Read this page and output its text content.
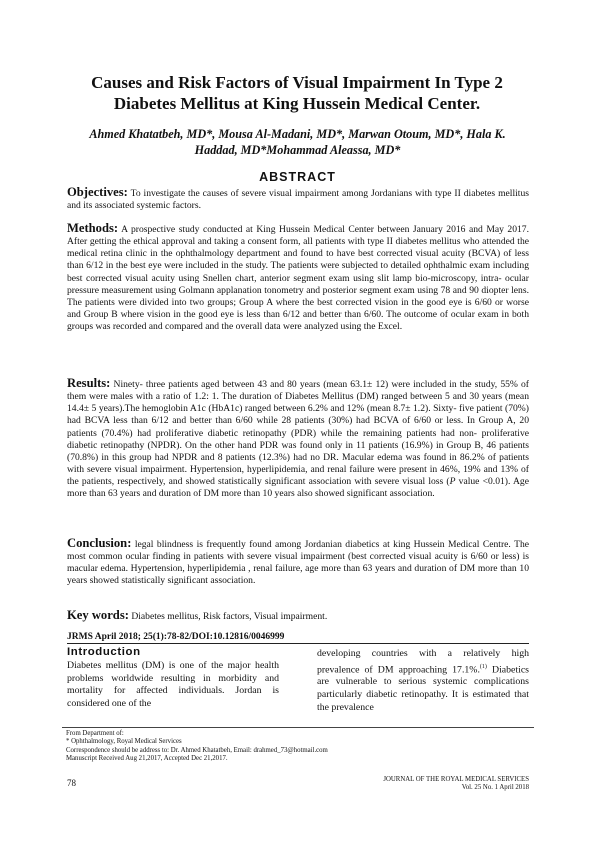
Causes and Risk Factors of Visual Impairment In Type 2
Diabetes Mellitus at King Hussein Medical Center.
Ahmed Khatatbeh, MD*, Mousa Al-Madani, MD*, Marwan Otoum, MD*, Hala K.
Haddad, MD*Mohammad Aleassa, MD*
ABSTRACT
Objectives: To investigate the causes of severe visual impairment among Jordanians with type II diabetes mellitus and its associated systemic factors.
Methods: A prospective study conducted at King Hussein Medical Center between January 2016 and May 2017. After getting the ethical approval and taking a consent form, all patients with type II diabetes mellitus who attended the medical retina clinic in the ophthalmology department and found to have best corrected visual acuity (BCVA) of less than 6/12 in the best eye were included in the study. The patients were subjected to detailed ophthalmic exam including best corrected visual acuity using Snellen chart, anterior segment exam using slit lamp bio-microscopy, intra- ocular pressure measurement using Golmann applanation tonometry and posterior segment exam using 78 and 90 diopter lens. The patients were divided into two groups; Group A where the best corrected vision in the good eye is 6/60 or worse and Group B where vision in the good eye is less than 6/12 and better than 6/60. The outcome of ocular exam in both groups was recorded and compared and the overall data were analyzed using the Excel.
Results: Ninety- three patients aged between 43 and 80 years (mean 63.1± 12) were included in the study, 55% of them were males with a ratio of 1.2: 1. The duration of Diabetes Mellitus (DM) ranged between 5 and 30 years (mean 14.4± 5 years).The hemoglobin A1c (HbA1c) ranged between 6.2% and 12% (mean 8.7± 1.2). Sixty- five patient (70%) had BCVA less than 6/12 and better than 6/60 while 28 patients (30%) had BCVA of 6/60 or less. In Group A, 20 patients (70.4%) had proliferative diabetic retinopathy (PDR) while the remaining patients had non- proliferative diabetic retinopathy (NPDR). On the other hand PDR was found only in 11 patients (16.9%) in Group B, 46 patients (70.8%) in this group had NPDR and 8 patients (12.3%) had no DR. Macular edema was found in 86.2% of patients with severe visual impairment. Hypertension, hyperlipidemia, and renal failure were present in 46%, 19% and 13% of the patients, respectively, and showed statistically significant association with severe visual loss (P value <0.01). Age more than 63 years and duration of DM more than 10 years also showed significant association.
Conclusion: legal blindness is frequently found among Jordanian diabetics at king Hussein Medical Centre. The most common ocular finding in patients with severe visual impairment (best corrected visual acuity is 6/60 or less) is macular edema. Hypertension, hyperlipidemia , renal failure, age more than 63 years and duration of DM more than 10 years showed statistically significant association.
Key words: Diabetes mellitus, Risk factors, Visual impairment.
JRMS April 2018; 25(1):78-82/DOI:10.12816/0046999
Introduction
Diabetes mellitus (DM) is one of the major health problems worldwide resulting in morbidity and mortality for affected individuals. Jordan is considered one of the
developing countries with a relatively high prevalence of DM approaching 17.1%.$^{(1)}$ Diabetics are vulnerable to serious systemic complications particularly diabetic retinopathy. It is estimated that the prevalence
From Department of:
* Ophthalmology, Royal Medical Services
Correspondence should be address to: Dr. Ahmed Khatatbeh, Email: drahmed_73@hotmail.com
Manuscript Received Aug 21,2017, Accepted Dec 21,2017.
78	JOURNAL OF THE ROYAL MEDICAL SERVICES
Vol. 25 No. 1 April 2018
